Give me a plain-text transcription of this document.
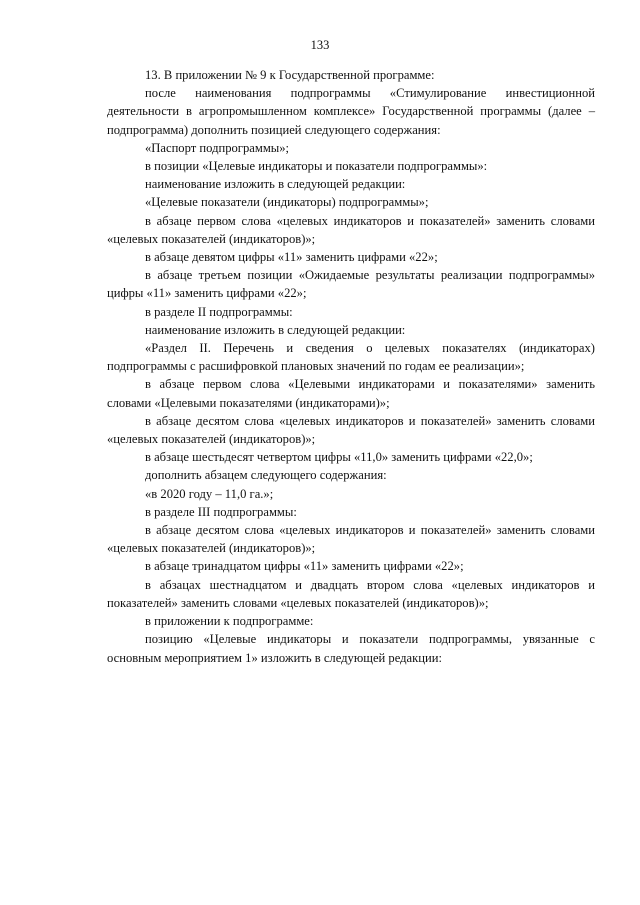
133

13. В приложении № 9 к Государственной программе:

после наименования подпрограммы «Стимулирование инвестиционной деятельности в агропромышленном комплексе» Государственной программы (далее – подпрограмма) дополнить позицией следующего содержания:

«Паспорт подпрограммы»;

в позиции «Целевые индикаторы и показатели подпрограммы»:

наименование изложить в следующей редакции:

«Целевые показатели (индикаторы) подпрограммы»;

в абзаце первом слова «целевых индикаторов и показателей» заменить словами «целевых показателей (индикаторов)»;

в абзаце девятом цифры «11» заменить цифрами «22»;

в абзаце третьем позиции «Ожидаемые результаты реализации подпрограммы» цифры «11» заменить цифрами «22»;

в разделе II подпрограммы:

наименование изложить в следующей редакции:

«Раздел II. Перечень и сведения о целевых показателях (индикаторах) подпрограммы с расшифровкой плановых значений по годам ее реализации»;

в абзаце первом слова «Целевыми индикаторами и показателями» заменить словами «Целевыми показателями (индикаторами)»;

в абзаце десятом слова «целевых индикаторов и показателей» заменить словами «целевых показателей (индикаторов)»;

в абзаце шестьдесят четвертом цифры «11,0» заменить цифрами «22,0»;

дополнить абзацем следующего содержания:

«в 2020 году – 11,0 га.»;

в разделе III подпрограммы:

в абзаце десятом слова «целевых индикаторов и показателей» заменить словами «целевых показателей (индикаторов)»;

в абзаце тринадцатом цифры «11» заменить цифрами «22»;

в абзацах шестнадцатом и двадцать втором слова «целевых индикаторов и показателей» заменить словами «целевых показателей (индикаторов)»;

в приложении к подпрограмме:

позицию «Целевые индикаторы и показатели подпрограммы, увязанные с основным мероприятием 1» изложить в следующей редакции:
